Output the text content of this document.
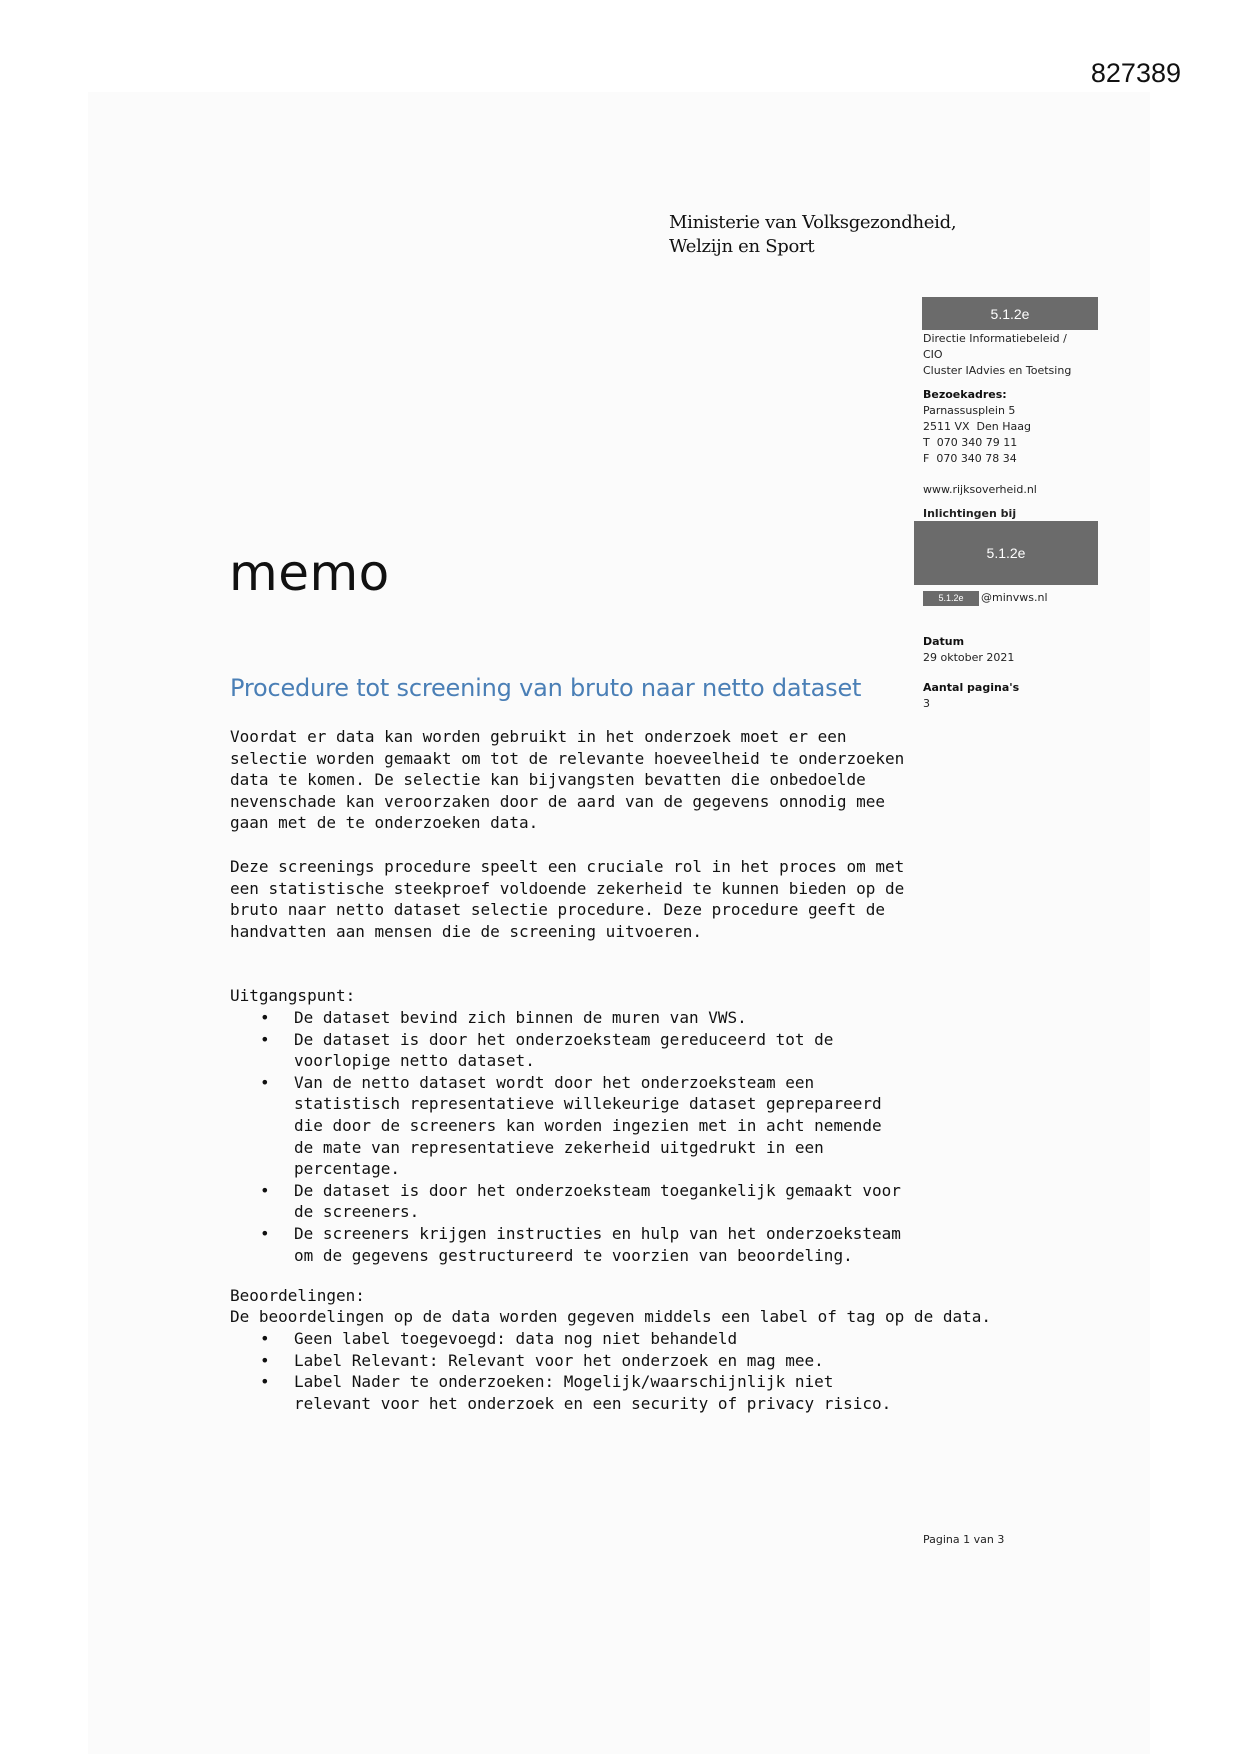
827389
Ministerie van Volksgezondheid,
Welzijn en Sport
5.1.2e
Directie Informatiebeleid /
CIO
Cluster IAdvies en Toetsing
Bezoekadres:
Parnassusplein 5
2511 VX  Den Haag
T  070 340 79 11
F  070 340 78 34
www.rijksoverheid.nl
Inlichtingen bij
5.1.2e
5.1.2e	@minvws.nl
Datum
29 oktober 2021
Aantal pagina's
3
memo
Procedure tot screening van bruto naar netto dataset

Voordat er data kan worden gebruikt in het onderzoek moet er een selectie worden gemaakt om tot de relevante hoeveelheid te onderzoeken data te komen. De selectie kan bijvangsten bevatten die onbedoelde nevenschade kan veroorzaken door de aard van de gegevens onnodig mee gaan met de te onderzoeken data.

Deze screenings procedure speelt een cruciale rol in het proces om met een statistische steekproef voldoende zekerheid te kunnen bieden op de bruto naar netto dataset selectie procedure. Deze procedure geeft de handvatten aan mensen die de screening uitvoeren.

Uitgangspunt:
• De dataset bevind zich binnen de muren van VWS.
• De dataset is door het onderzoeksteam gereduceerd tot de voorlopige netto dataset.
• Van de netto dataset wordt door het onderzoeksteam een statistisch representatieve willekeurige dataset geprepareerd die door de screeners kan worden ingezien met in acht nemende de mate van representatieve zekerheid uitgedrukt in een percentage.
• De dataset is door het onderzoeksteam toegankelijk gemaakt voor de screeners.
• De screeners krijgen instructies en hulp van het onderzoeksteam om de gegevens gestructureerd te voorzien van beoordeling.
Beoordelingen:
De beoordelingen op de data worden gegeven middels een label of tag op de data.
• Geen label toegevoegd: data nog niet behandeld
• Label Relevant: Relevant voor het onderzoek en mag mee.
• Label Nader te onderzoeken: Mogelijk/waarschijnlijk niet relevant voor het onderzoek en een security of privacy risico.
Pagina 1 van 3
